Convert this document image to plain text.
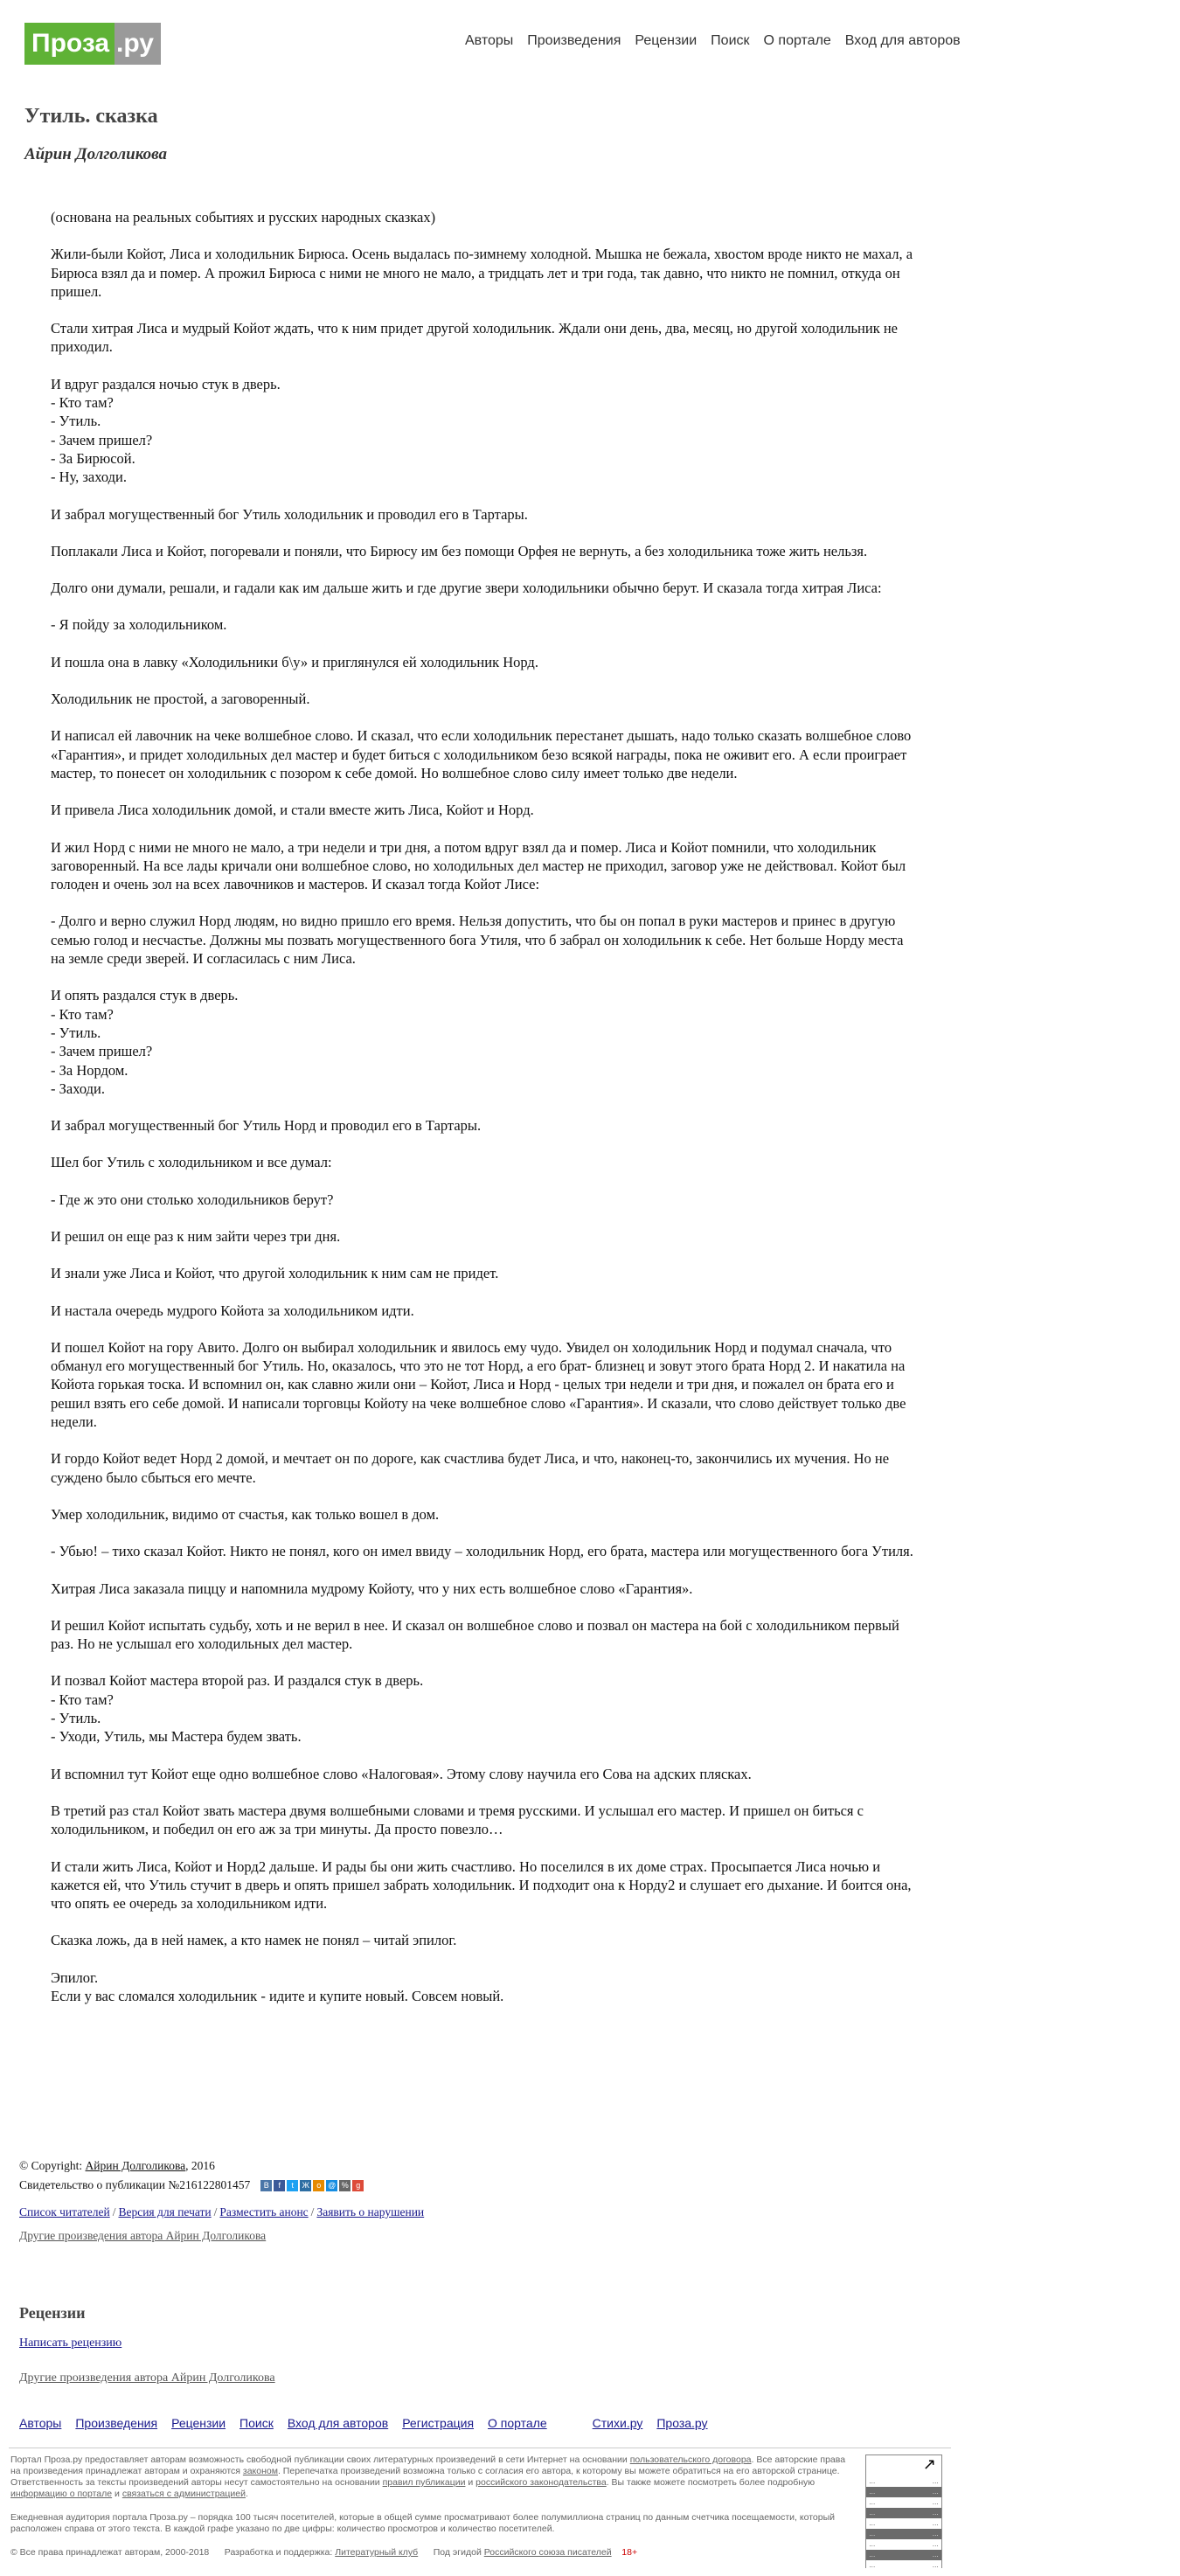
Проза .ру	Авторы Произведения Рецензии Поиск О портале Вход для авторов
Утиль. сказка
Айрин Долголикова

(основана на реальных событиях и русских народных сказках)

Жили-были Койот, Лиса и холодильник Бирюса. Осень выдалась по-зимнему холодной. Мышка не бежала, хвостом вроде никто не махал, а Бирюса взял да и помер. А прожил Бирюса с ними не много не мало, а тридцать лет и три года, так давно, что никто не помнил, откуда он пришел.

Стали хитрая Лиса и мудрый Койот ждать, что к ним придет другой холодильник. Ждали они день, два, месяц, но другой холодильник не приходил.

И вдруг раздался ночью стук в дверь.
- Кто там?
- Утиль.
- Зачем пришел?
- За Бирюсой.
- Ну, заходи.

И забрал могущественный бог Утиль холодильник и проводил его в Тартары.

Поплакали Лиса и Койот, погоревали и поняли, что Бирюсу им без помощи Орфея не вернуть, а без холодильника тоже жить нельзя.

Долго они думали, решали, и гадали как им дальше жить и где другие звери холодильники обычно берут. И сказала тогда хитрая Лиса:

- Я пойду за холодильником.

И пошла она в лавку «Холодильники б\у» и приглянулся ей холодильник Норд.

Холодильник не простой, а заговоренный.

И написал ей лавочник на чеке волшебное слово. И сказал, что если холодильник перестанет дышать, надо только сказать волшебное слово «Гарантия», и придет холодильных дел мастер и будет биться с холодильником безо всякой награды, пока не оживит его. А если проиграет мастер, то понесет он холодильник с позором к себе домой. Но волшебное слово силу имеет только две недели.

И привела Лиса холодильник домой, и стали вместе жить Лиса, Койот и Норд.

И жил Норд с ними не много не мало, а три недели и три дня, а потом вдруг взял да и помер. Лиса и Койот помнили, что холодильник заговоренный. На все лады кричали они волшебное слово, но холодильных дел мастер не приходил, заговор уже не действовал. Койот был голоден и очень зол на всех лавочников и мастеров. И сказал тогда Койот Лисе:

- Долго и верно служил Норд людям, но видно пришло его время. Нельзя допустить, что бы он попал в руки мастеров и принес в другую семью голод и несчастье. Должны мы позвать могущественного бога Утиля, что б забрал он холодильник к себе. Нет больше Норду места на земле среди зверей. И согласилась с ним Лиса.

И опять раздался стук в дверь.
- Кто там?
- Утиль.
- Зачем пришел?
- За Нордом.
- Заходи.

И забрал могущественный бог Утиль Норд и проводил его в Тартары.

Шел бог Утиль с холодильником и все думал:

- Где ж это они столько холодильников берут?

И решил он еще раз к ним зайти через три дня.

И знали уже Лиса и Койот, что другой холодильник к ним сам не придет.

И настала очередь мудрого Койота за холодильником идти.

И пошел Койот на гору Авито. Долго он выбирал холодильник и явилось ему чудо. Увидел он холодильник Норд и подумал сначала, что обманул его могущественный бог Утиль. Но, оказалось, что это не тот Норд, а его брат- близнец и зовут этого брата Норд 2. И накатила на Койота горькая тоска. И вспомнил он, как славно жили они – Койот, Лиса и Норд - целых три недели и три дня, и пожалел он брата его и решил взять его себе домой. И написали торговцы Койоту на чеке волшебное слово «Гарантия». И сказали, что слово действует только две недели.

И гордо Койот ведет Норд 2 домой, и мечтает он по дороге, как счастлива будет Лиса, и что, наконец-то, закончились их мучения. Но не суждено было сбыться его мечте.

Умер холодильник, видимо от счастья, как только вошел в дом.

- Убью! – тихо сказал Койот. Никто не понял, кого он имел ввиду – холодильник Норд, его брата, мастера или могущественного бога Утиля.

Хитрая Лиса заказала пиццу и напомнила мудрому Койоту, что у них есть волшебное слово «Гарантия».

И решил Койот испытать судьбу, хоть и не верил в нее. И сказал он волшебное слово и позвал он мастера на бой с холодильником первый раз. Но не услышал его холодильных дел мастер.

И позвал Койот мастера второй раз. И раздался стук в дверь.
- Кто там?
- Утиль.
- Уходи, Утиль, мы Мастера будем звать.

И вспомнил тут Койот еще одно волшебное слово «Налоговая». Этому слову научила его Сова на адских плясках.

В третий раз стал Койот звать мастера двумя волшебными словами и тремя русскими. И услышал его мастер. И пришел он биться с холодильником, и победил он его аж за три минуты. Да просто повезло…

И стали жить Лиса, Койот и Норд2 дальше. И рады бы они жить счастливо. Но поселился в их доме страх. Просыпается Лиса ночью и кажется ей, что Утиль стучит в дверь и опять пришел забрать холодильник. И подходит она к Норду2 и слушает его дыхание. И боится она, что опять ее очередь за холодильником идти.

Сказка ложь, да в ней намек, а кто намек не понял – читай эпилог.

Эпилог.
Если у вас сломался холодильник - идите и купите новый. Совсем новый.

© Copyright: Айрин Долголикова, 2016
Свидетельство о публикации №216122801457	B	f	t	Ж o @ % g
Список читателей / Версия для печати / Разместить анонс / Заявить о нарушении
Другие произведения автора Айрин Долголикова
Рецензии
Написать рецензию
Другие произведения автора Айрин Долголикова
Авторы Произведения Рецензии Поиск Вход для авторов Регистрация О портале	Стихи.ру Проза.ру
Портал Проза.ру предоставляет авторам возможность свободной публикации своих литературных произведений в сети Интернет на основании пользовательского договора. Все авторские права на произведения принадлежат авторам и охраняются законом. Перепечатка произведений возможна только с согласия его автора, к которому вы можете обратиться на его авторской странице. Ответственность за тексты произведений авторы несут самостоятельно на основании правил публикации и российского законодательства. Вы также можете посмотреть более подробную информацию о портале и связаться с администрацией.
Ежедневная аудитория портала Проза.ру – порядка 100 тысяч посетителей, которые в общей сумме просматривают более полумиллиона страниц по данным счетчика посещаемости, который расположен справа от этого текста. В каждой графе указано по две цифры: количество просмотров и количество посетителей.
© Все права принадлежат авторам, 2000-2018 Разработка и поддержка: Литературный клуб Под эгидой Российского союза писателей 18+
↗
…	…
…	…
…	…
…	…
…	…
…	…
…	…
…	…
…	…
